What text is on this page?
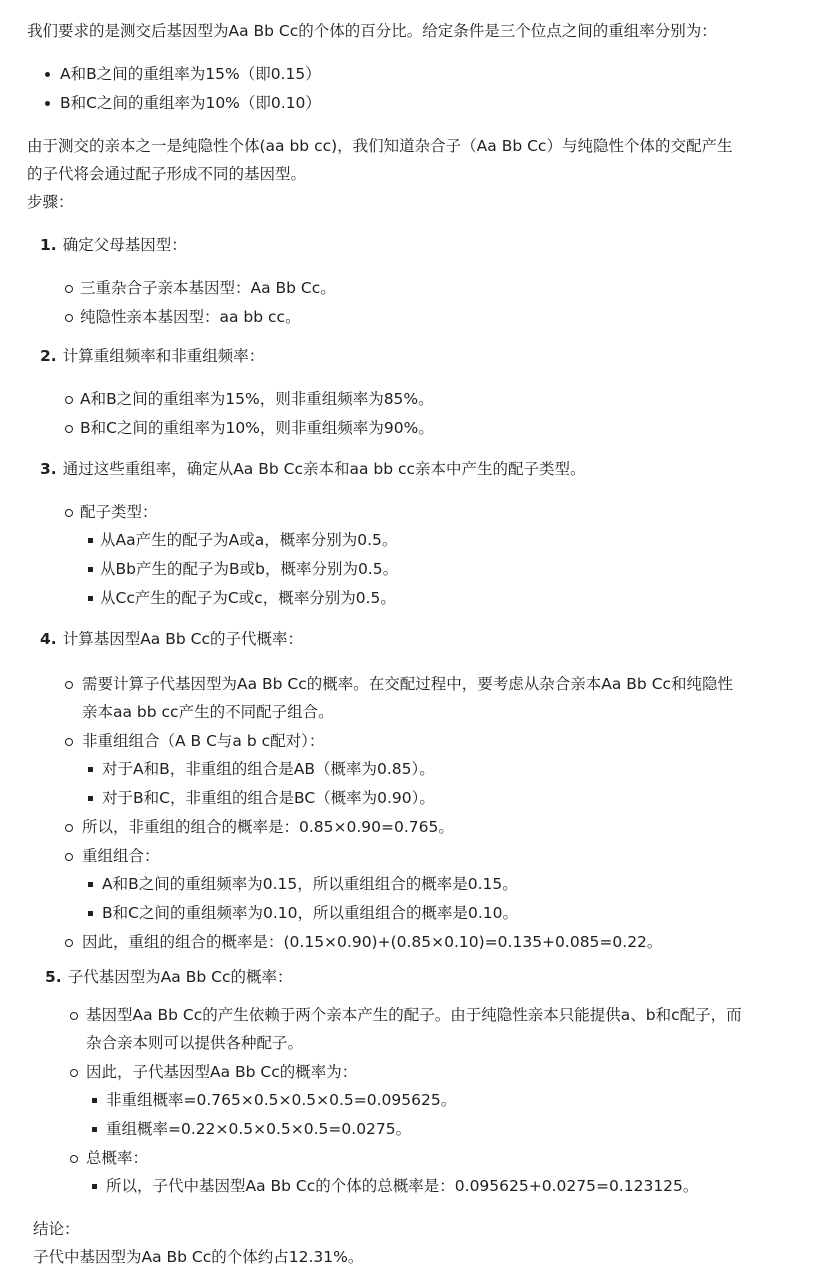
我们要求的是测交后基因型为Aa Bb Cc的个体的百分比。给定条件是三个位点之间的重组率分别为：
A和B之间的重组率为15%（即0.15）
B和C之间的重组率为10%（即0.10）
由于测交的亲本之一是纯隐性个体(aa bb cc)，我们知道杂合子（Aa Bb Cc）与纯隐性个体的交配产生
的子代将会通过配子形成不同的基因型。
步骤：
1. 确定父母基因型：
三重杂合子亲本基因型：Aa Bb Cc。
纯隐性亲本基因型：aa bb cc。
2. 计算重组频率和非重组频率：
A和B之间的重组率为15%，则非重组频率为85%。
B和C之间的重组率为10%，则非重组频率为90%。
3. 通过这些重组率，确定从Aa Bb Cc亲本和aa bb cc亲本中产生的配子类型。
配子类型：
从Aa产生的配子为A或a，概率分别为0.5。
从Bb产生的配子为B或b，概率分别为0.5。
从Cc产生的配子为C或c，概率分别为0.5。
4. 计算基因型Aa Bb Cc的子代概率：
需要计算子代基因型为Aa Bb Cc的概率。在交配过程中，要考虑从杂合亲本Aa Bb Cc和纯隐性
亲本aa bb cc产生的不同配子组合。
非重组组合（A B C与a b c配对）：
对于A和B，非重组的组合是AB（概率为0.85）。
对于B和C，非重组的组合是BC（概率为0.90）。
所以，非重组的组合的概率是：0.85×0.90=0.765。
重组组合：
A和B之间的重组频率为0.15，所以重组组合的概率是0.15。
B和C之间的重组频率为0.10，所以重组组合的概率是0.10。
因此，重组的组合的概率是：(0.15×0.90)+(0.85×0.10)=0.135+0.085=0.22。
5. 子代基因型为Aa Bb Cc的概率：
基因型Aa Bb Cc的产生依赖于两个亲本产生的配子。由于纯隐性亲本只能提供a、b和c配子，而
杂合亲本则可以提供各种配子。
因此，子代基因型Aa Bb Cc的概率为：
非重组概率=0.765×0.5×0.5×0.5=0.095625。
重组概率=0.22×0.5×0.5×0.5=0.0275。
总概率：
所以，子代中基因型Aa Bb Cc的个体的总概率是：0.095625+0.0275=0.123125。
结论：
子代中基因型为Aa Bb Cc的个体约占12.31%。
